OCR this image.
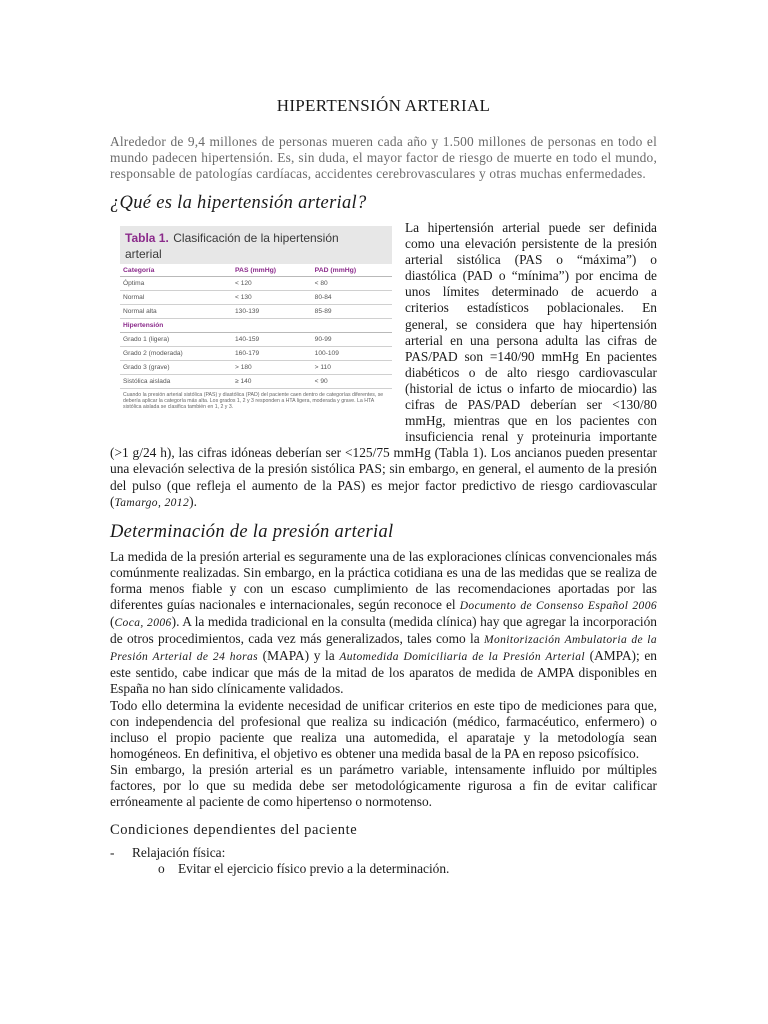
HIPERTENSIÓN ARTERIAL

Alrededor de 9,4 millones de personas mueren cada año y 1.500 millones de personas en todo el mundo padecen hipertensión. Es, sin duda, el mayor factor de riesgo de muerte en todo el mundo, responsable de patologías cardíacas, accidentes cerebrovasculares y otras muchas enfermedades.

¿Qué es la hipertensión arterial?
Tabla 1. Clasificación de la hipertensión
arterial
Categoría	PAS (mmHg)	PAD (mmHg)
Óptima	< 120	< 80
Normal	< 130	80-84
Normal alta	130-139	85-89
Hipertensión		
Grado 1 (ligera)	140-159	90-99
Grado 2 (moderada)	160-179	100-109
Grado 3 (grave)	> 180	> 110
Sistólica aislada	≥ 140	< 90
Cuando la presión arterial sistólica (PAS) y diastólica (PAD) del paciente caen dentro de categorías diferentes, se debería aplicar la categoría más alta. Los grados 1, 2 y 3 responden a HTA ligera, moderada y grave. La HTA sistólica aislada se clasifica también en 1, 2 y 3.

La hipertensión arterial puede ser definida como una elevación persistente de la presión arterial sistólica (PAS o “máxima”) o diastólica (PAD o “mínima”) por encima de unos límites determinado de acuerdo a criterios estadísticos poblacionales. En general, se considera que hay hipertensión arterial en una persona adulta las cifras de PAS/PAD son =140/90 mmHg En pacientes diabéticos o de alto riesgo cardiovascular (historial de ictus o infarto de miocardio) las cifras de PAS/PAD deberían ser <130/80 mmHg, mientras que en los pacientes con insuficiencia renal y proteinuria importante (>1 g/24 h), las cifras idóneas deberían ser <125/75 mmHg (Tabla 1). Los ancianos pueden presentar una elevación selectiva de la presión sistólica PAS; sin embargo, en general, el aumento de la presión del pulso (que refleja el aumento de la PAS) es mejor factor predictivo de riesgo cardiovascular (Tamargo, 2012).

Determinación de la presión arterial

La medida de la presión arterial es seguramente una de las exploraciones clínicas convencionales más comúnmente realizadas. Sin embargo, en la práctica cotidiana es una de las medidas que se realiza de forma menos fiable y con un escaso cumplimiento de las recomendaciones aportadas por las diferentes guías nacionales e internacionales, según reconoce el Documento de Consenso Español 2006 (Coca, 2006). A la medida tradicional en la consulta (medida clínica) hay que agregar la incorporación de otros procedimientos, cada vez más generalizados, tales como la Monitorización Ambulatoria de la Presión Arterial de 24 horas (MAPA) y la Automedida Domiciliaria de la Presión Arterial (AMPA); en este sentido, cabe indicar que más de la mitad de los aparatos de medida de AMPA disponibles en España no han sido clínicamente validados.

Todo ello determina la evidente necesidad de unificar criterios en este tipo de mediciones para que, con independencia del profesional que realiza su indicación (médico, farmacéutico, enfermero) o incluso el propio paciente que realiza una automedida, el aparataje y la metodología sean homogéneos. En definitiva, el objetivo es obtener una medida basal de la PA en reposo psicofísico.

Sin embargo, la presión arterial es un parámetro variable, intensamente influido por múltiples factores, por lo que su medida debe ser metodológicamente rigurosa a fin de evitar calificar erróneamente al paciente de como hipertenso o normotenso.

Condiciones dependientes del paciente
- Relajación física:
o Evitar el ejercicio físico previo a la determinación.
